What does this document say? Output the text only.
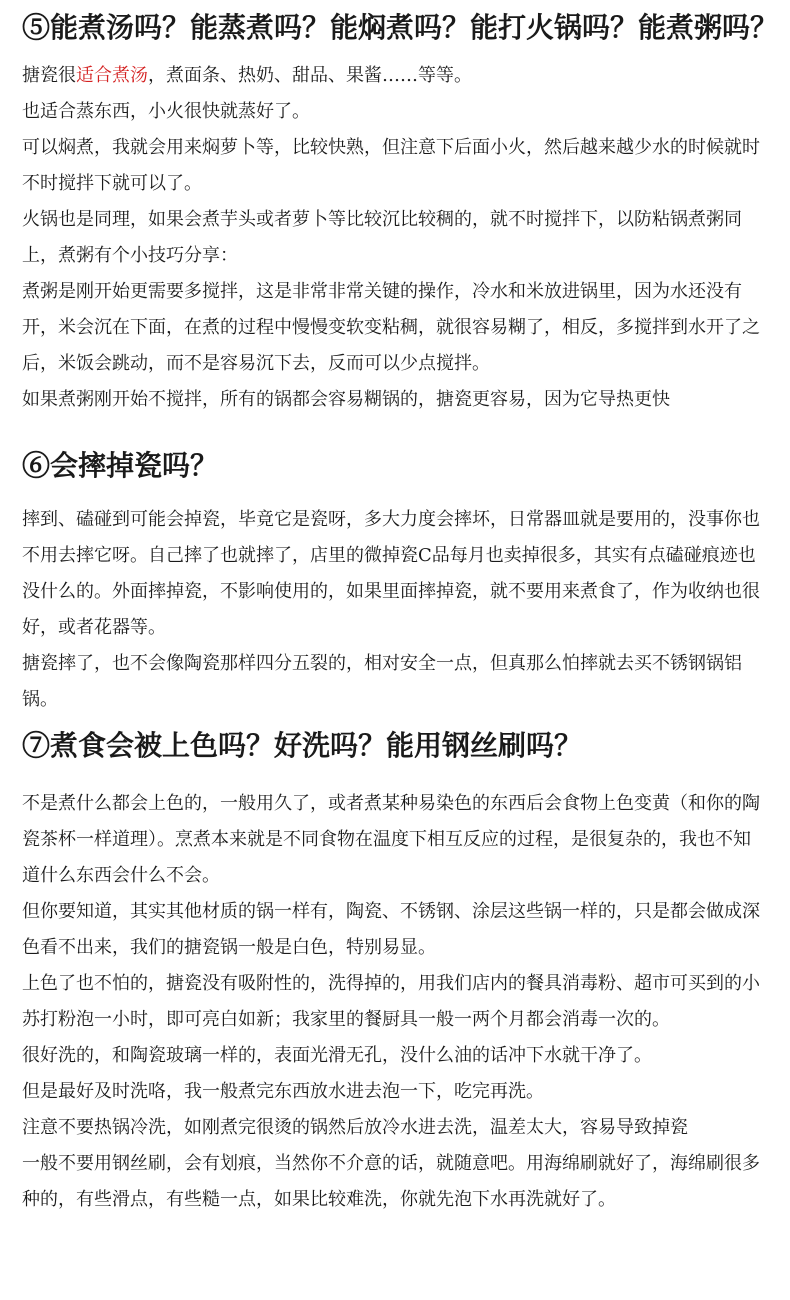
⑤能煮汤吗？能蒸煮吗？能焖煮吗？能打火锅吗？能煮粥吗？

搪瓷很适合煮汤，煮面条、热奶、甜品、果酱……等等。

也适合蒸东西，小火很快就蒸好了。

可以焖煮，我就会用来焖萝卜等，比较快熟，但注意下后面小火，然后越来越少水的时候就时不时搅拌下就可以了。

火锅也是同理，如果会煮芋头或者萝卜等比较沉比较稠的，就不时搅拌下，以防粘锅煮粥同上，煮粥有个小技巧分享：

煮粥是刚开始更需要多搅拌，这是非常非常关键的操作，冷水和米放进锅里，因为水还没有开，米会沉在下面，在煮的过程中慢慢变软变粘稠，就很容易糊了，相反，多搅拌到水开了之后，米饭会跳动，而不是容易沉下去，反而可以少点搅拌。

如果煮粥刚开始不搅拌，所有的锅都会容易糊锅的，搪瓷更容易，因为它导热更快

⑥会摔掉瓷吗？

摔到、磕碰到可能会掉瓷，毕竟它是瓷呀，多大力度会摔坏，日常器皿就是要用的，没事你也不用去摔它呀。自己摔了也就摔了，店里的微掉瓷C品每月也卖掉很多，其实有点磕碰痕迹也没什么的。外面摔掉瓷，不影响使用的，如果里面摔掉瓷，就不要用来煮食了，作为收纳也很好，或者花器等。

搪瓷摔了，也不会像陶瓷那样四分五裂的，相对安全一点，但真那么怕摔就去买不锈钢锅铝锅。

⑦煮食会被上色吗？好洗吗？能用钢丝刷吗？

不是煮什么都会上色的，一般用久了，或者煮某种易染色的东西后会食物上色变黄（和你的陶瓷茶杯一样道理）。烹煮本来就是不同食物在温度下相互反应的过程，是很复杂的，我也不知道什么东西会什么不会。

但你要知道，其实其他材质的锅一样有，陶瓷、不锈钢、涂层这些锅一样的，只是都会做成深色看不出来，我们的搪瓷锅一般是白色，特别易显。

上色了也不怕的，搪瓷没有吸附性的，洗得掉的，用我们店内的餐具消毒粉、超市可买到的小苏打粉泡一小时，即可亮白如新；我家里的餐厨具一般一两个月都会消毒一次的。

很好洗的，和陶瓷玻璃一样的，表面光滑无孔，没什么油的话冲下水就干净了。

但是最好及时洗咯，我一般煮完东西放水进去泡一下，吃完再洗。

注意不要热锅冷洗，如刚煮完很烫的锅然后放冷水进去洗，温差太大，容易导致掉瓷

一般不要用钢丝刷，会有划痕，当然你不介意的话，就随意吧。用海绵刷就好了，海绵刷很多种的，有些滑点，有些糙一点，如果比较难洗，你就先泡下水再洗就好了。
